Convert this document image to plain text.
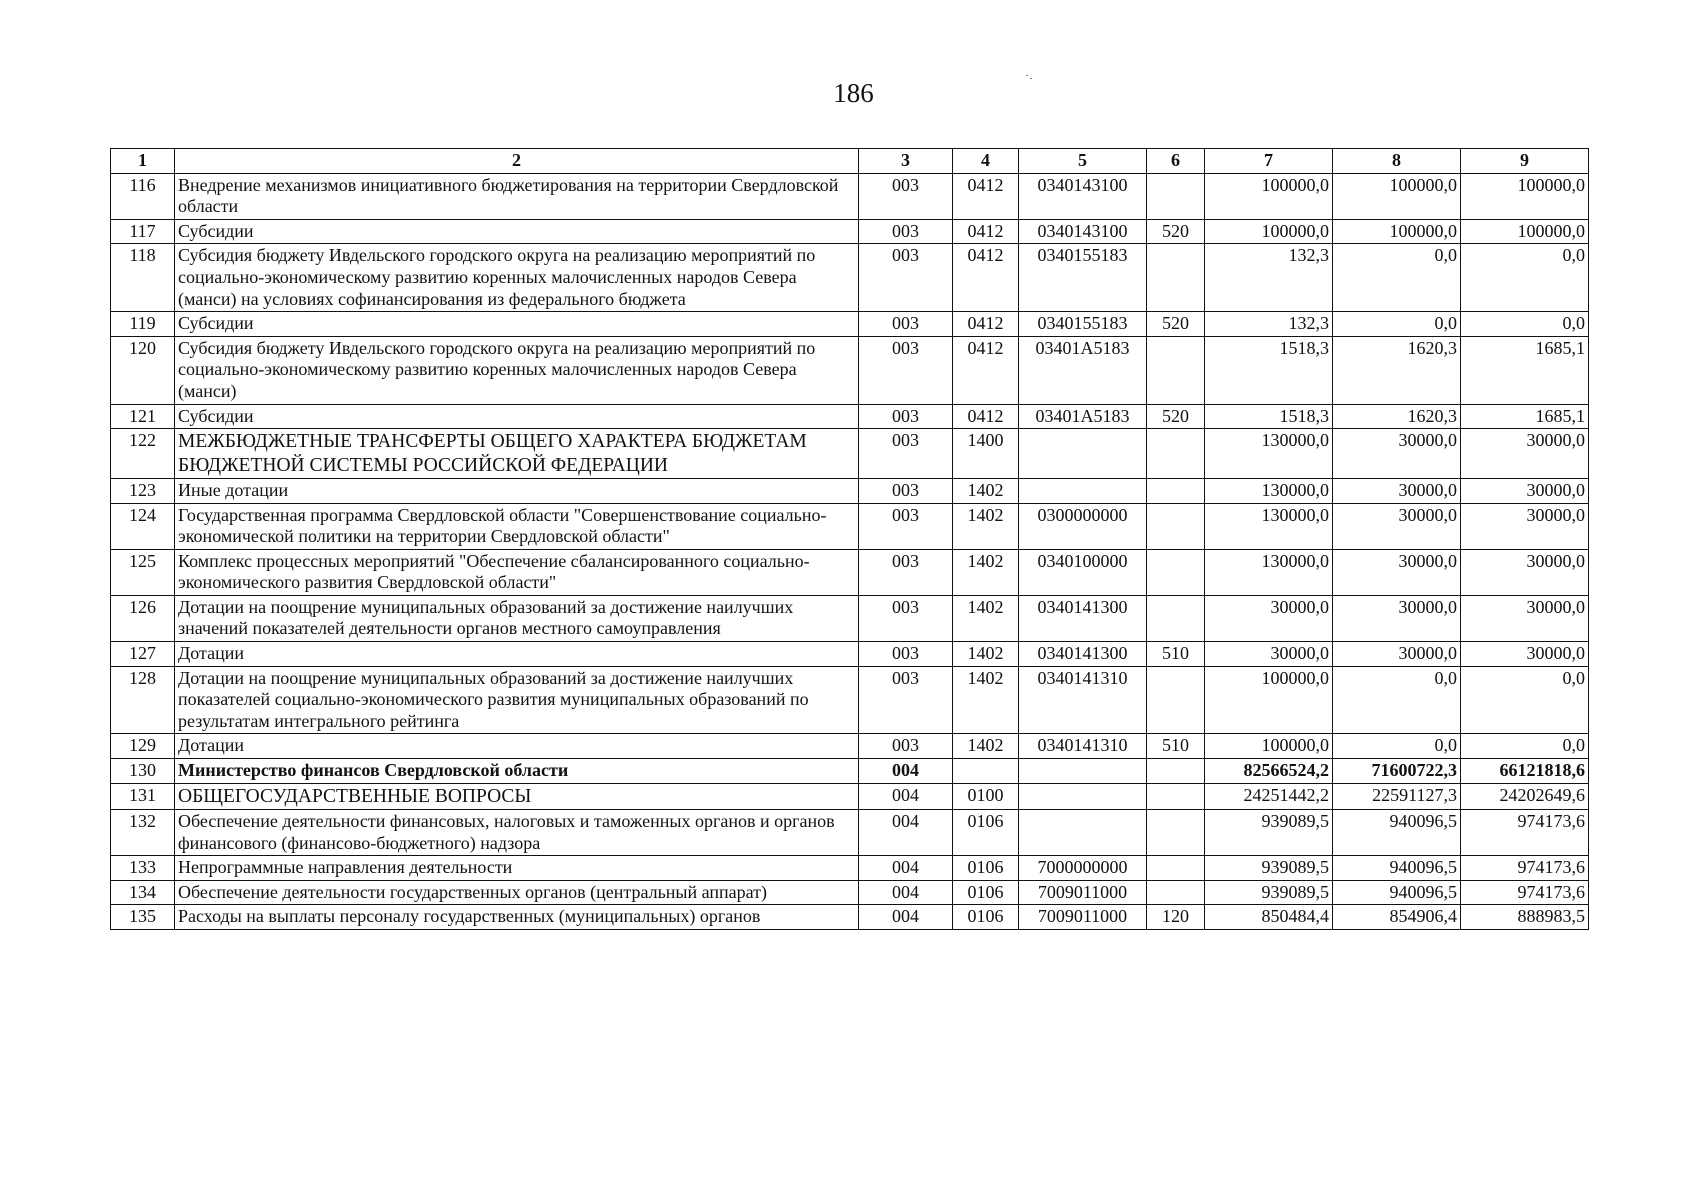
186
1	2	3	4	5	6	7	8	9
116	Внедрение механизмов инициативного бюджетирования на территории Свердловской области	003	0412	0340143100		100000,0	100000,0	100000,0
117	Субсидии	003	0412	0340143100	520	100000,0	100000,0	100000,0
118	Субсидия бюджету Ивдельского городского округа на реализацию мероприятий по социально-экономическому развитию коренных малочисленных народов Севера (манси) на условиях софинансирования из федерального бюджета	003	0412	0340155183		132,3	0,0	0,0
119	Субсидии	003	0412	0340155183	520	132,3	0,0	0,0
120	Субсидия бюджету Ивдельского городского округа на реализацию мероприятий по социально-экономическому развитию коренных малочисленных народов Севера (манси)	003	0412	03401А5183		1518,3	1620,3	1685,1
121	Субсидии	003	0412	03401А5183	520	1518,3	1620,3	1685,1
122	МЕЖБЮДЖЕТНЫЕ ТРАНСФЕРТЫ ОБЩЕГО ХАРАКТЕРА БЮДЖЕТАМ БЮДЖЕТНОЙ СИСТЕМЫ РОССИЙСКОЙ ФЕДЕРАЦИИ	003	1400			130000,0	30000,0	30000,0
123	Иные дотации	003	1402			130000,0	30000,0	30000,0
124	Государственная программа Свердловской области "Совершенствование социально-экономической политики на территории Свердловской области"	003	1402	0300000000		130000,0	30000,0	30000,0
125	Комплекс процессных мероприятий "Обеспечение сбалансированного социально-экономического развития Свердловской области"	003	1402	0340100000		130000,0	30000,0	30000,0
126	Дотации на поощрение муниципальных образований за достижение наилучших значений показателей деятельности органов местного самоуправления	003	1402	0340141300		30000,0	30000,0	30000,0
127	Дотации	003	1402	0340141300	510	30000,0	30000,0	30000,0
128	Дотации на поощрение муниципальных образований за достижение наилучших показателей социально-экономического развития муниципальных образований по результатам интегрального рейтинга	003	1402	0340141310		100000,0	0,0	0,0
129	Дотации	003	1402	0340141310	510	100000,0	0,0	0,0
130	Министерство финансов Свердловской области	004				82566524,2	71600722,3	66121818,6
131	ОБЩЕГОСУДАРСТВЕННЫЕ ВОПРОСЫ	004	0100			24251442,2	22591127,3	24202649,6
132	Обеспечение деятельности финансовых, налоговых и таможенных органов и органов финансового (финансово-бюджетного) надзора	004	0106			939089,5	940096,5	974173,6
133	Непрограммные направления деятельности	004	0106	7000000000		939089,5	940096,5	974173,6
134	Обеспечение деятельности государственных органов (центральный аппарат)	004	0106	7009011000		939089,5	940096,5	974173,6
135	Расходы на выплаты персоналу государственных (муниципальных) органов	004	0106	7009011000	120	850484,4	854906,4	888983,5
